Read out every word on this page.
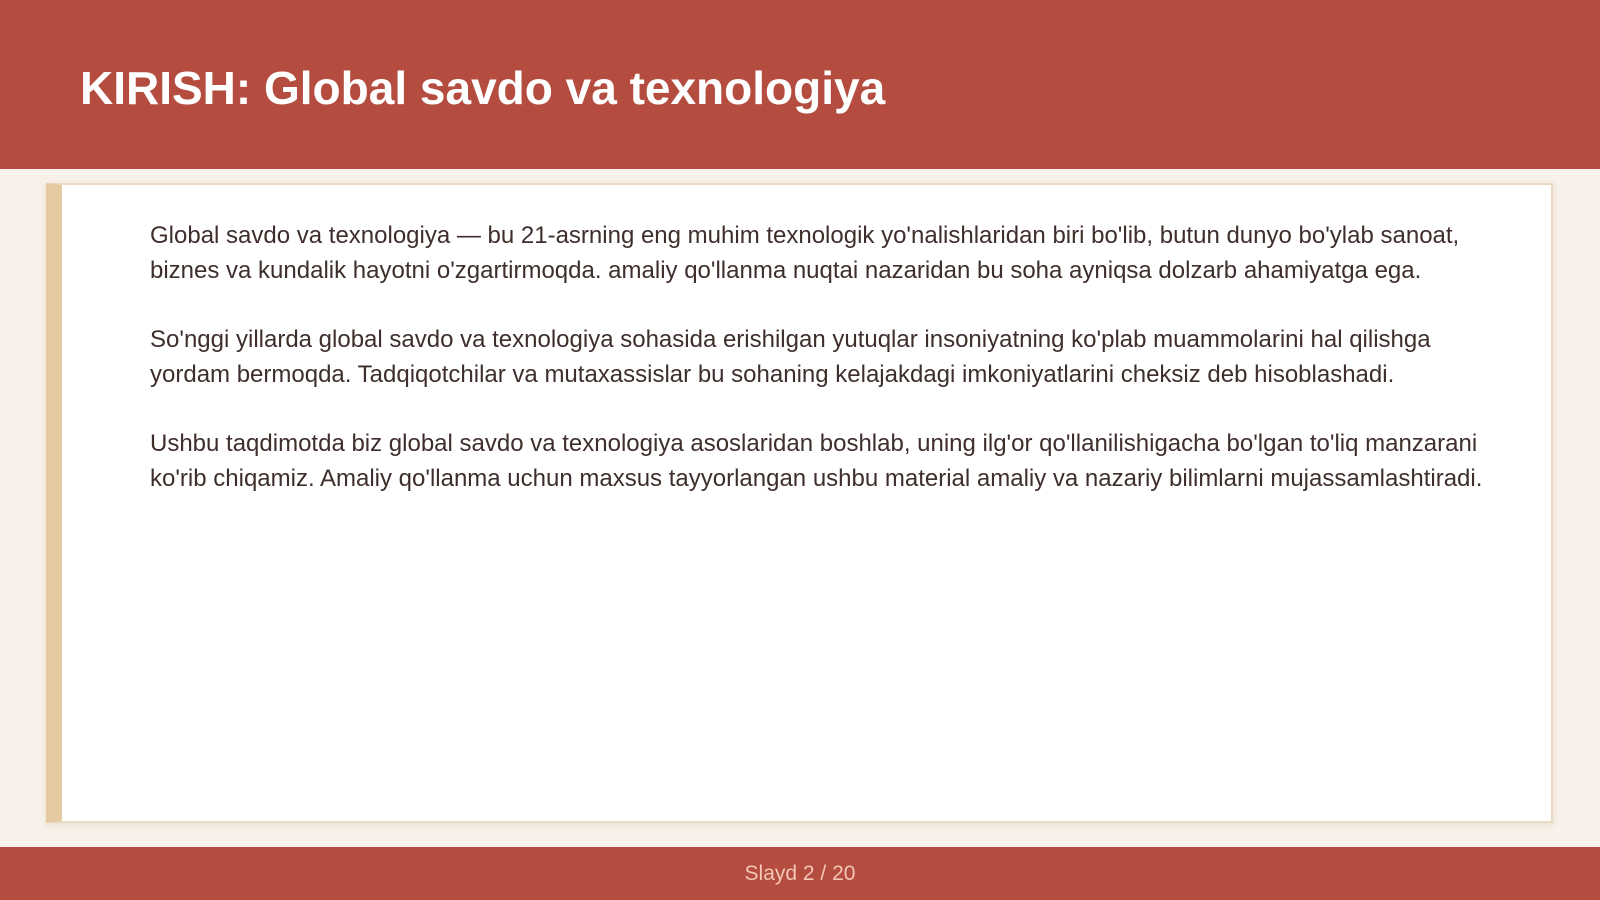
KIRISH: Global savdo va texnologiya

Global savdo va texnologiya — bu 21-asrning eng muhim texnologik yo'nalishlaridan biri bo'lib, butun dunyo bo'ylab sanoat, biznes va kundalik hayotni o'zgartirmoqda. amaliy qo'llanma nuqtai nazaridan bu soha ayniqsa dolzarb ahamiyatga ega.

So'nggi yillarda global savdo va texnologiya sohasida erishilgan yutuqlar insoniyatning ko'plab muammolarini hal qilishga yordam bermoqda. Tadqiqotchilar va mutaxassislar bu sohaning kelajakdagi imkoniyatlarini cheksiz deb hisoblashadi.

Ushbu taqdimotda biz global savdo va texnologiya asoslaridan boshlab, uning ilg'or qo'llanilishigacha bo'lgan to'liq manzarani ko'rib chiqamiz. Amaliy qo'llanma uchun maxsus tayyorlangan ushbu material amaliy va nazariy bilimlarni mujassamlashtiradi.

Slayd 2 / 20
